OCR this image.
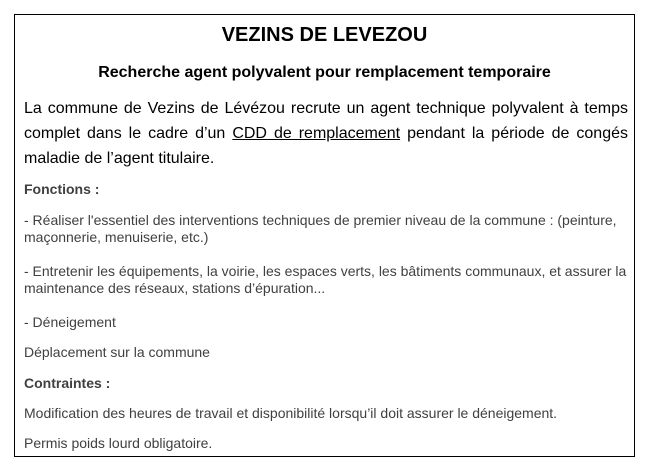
VEZINS DE LEVEZOU
Recherche agent polyvalent pour remplacement temporaire

La commune de Vezins de Lévézou recrute un agent technique polyvalent à temps complet dans le cadre d’un CDD de remplacement pendant la période de congés maladie de l’agent titulaire.

Fonctions :

- Réaliser l'essentiel des interventions techniques de premier niveau de la commune : (peinture, maçonnerie, menuiserie, etc.)

- Entretenir les équipements, la voirie, les espaces verts, les bâtiments communaux, et assurer la maintenance des réseaux, stations d’épuration...

- Déneigement

Déplacement sur la commune

Contraintes :

Modification des heures de travail et disponibilité lorsqu’il doit assurer le déneigement.

Permis poids lourd obligatoire.
